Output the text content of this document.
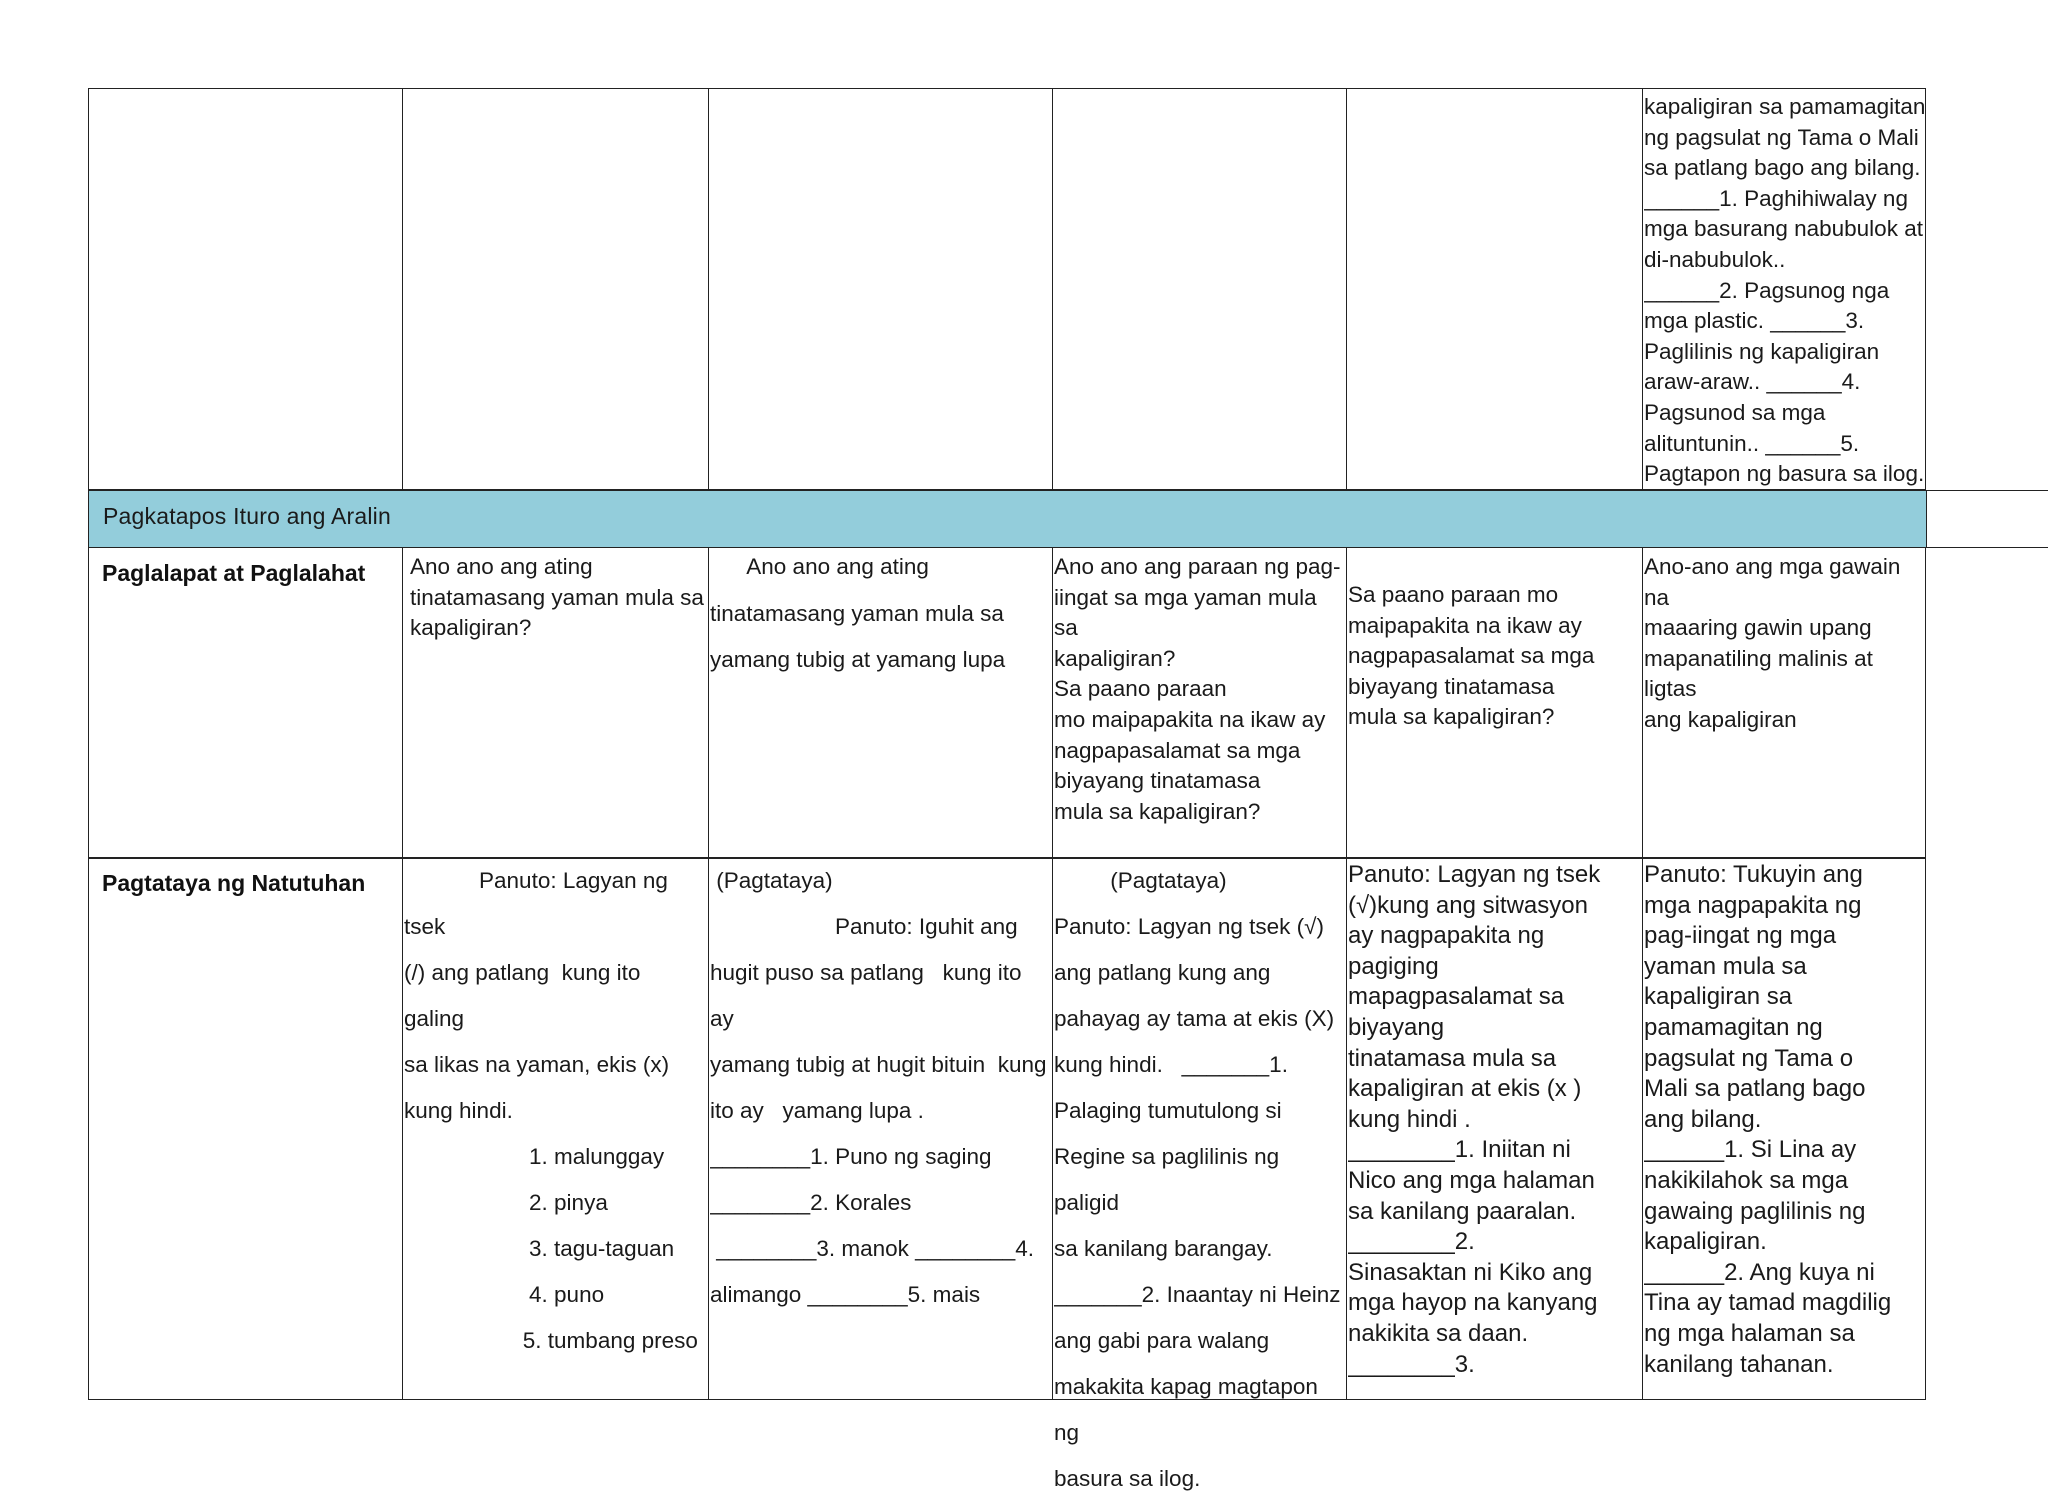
kapaligiran sa pamamagitan
ng pagsulat ng Tama o Mali
sa patlang bago ang bilang.
______1. Paghihiwalay ng
mga basurang nabubulok at
di-nabubulok..
______2. Pagsunog nga
mga plastic. ______3.
Paglilinis ng kapaligiran
araw-araw.. ______4.
Pagsunod sa mga
alituntunin.. ______5.
Pagtapon ng basura sa ilog.
Pagkatapos Ituro ang Aralin
Paglalapat at Paglalahat	Ano ano ang ating
tinatamasang yaman mula sa
kapaligiran?
Ano ano ang ating
tinatamasang yaman mula sa
yamang tubig at yamang lupa
Ano ano ang paraan ng pag-
iingat sa mga yaman mula sa
kapaligiran?
Sa paano paraan
mo maipapakita na ikaw ay
nagpapasalamat sa mga
biyayang tinatamasa
mula sa kapaligiran?
Sa paano paraan mo
maipapakita na ikaw ay
nagpapasalamat sa mga
biyayang tinatamasa
mula sa kapaligiran?
Ano-ano ang mga gawain na
maaaring gawin upang
mapanatiling malinis at ligtas
ang kapaligiran
Pagtataya ng Natutuhan	Panuto: Lagyan ng tsek
(/) ang patlang  kung ito  galing
sa likas na yaman, ekis (x)
kung hindi.
1. malunggay
2. pinya
3. tagu-taguan
4. puno
5. tumbang preso
(Pagtataya)
Panuto: Iguhit ang
hugit puso sa patlang   kung ito  ay
yamang tubig at hugit bituin  kung
ito ay   yamang lupa .
________1. Puno ng saging
________2. Korales
________3. manok ________4.
alimango ________5. mais
(Pagtataya)
Panuto: Lagyan ng tsek (√)
ang patlang kung ang
pahayag ay tama at ekis (X)
kung hindi.   _______1.
Palaging tumutulong si
Regine sa paglilinis ng paligid
sa kanilang barangay.
_______2. Inaantay ni Heinz
ang gabi para walang
makakita kapag magtapon ng
basura sa ilog.
Panuto: Lagyan ng tsek
(√)kung ang sitwasyon
ay nagpapakita ng
pagiging
mapagpasalamat sa
biyayang
tinatamasa mula sa
kapaligiran at ekis (x )
kung hindi .
________1. Iniitan ni
Nico ang mga halaman
sa kanilang paaralan.
________2.
Sinasaktan ni Kiko ang
mga hayop na kanyang
nakikita sa daan.
________3.
Panuto: Tukuyin ang
mga nagpapakita ng
pag-iingat ng mga
yaman mula sa
kapaligiran sa
pamamagitan ng
pagsulat ng Tama o
Mali sa patlang bago
ang bilang.
______1. Si Lina ay
nakikilahok sa mga
gawaing paglilinis ng
kapaligiran.
______2. Ang kuya ni
Tina ay tamad magdilig
ng mga halaman sa
kanilang tahanan.
